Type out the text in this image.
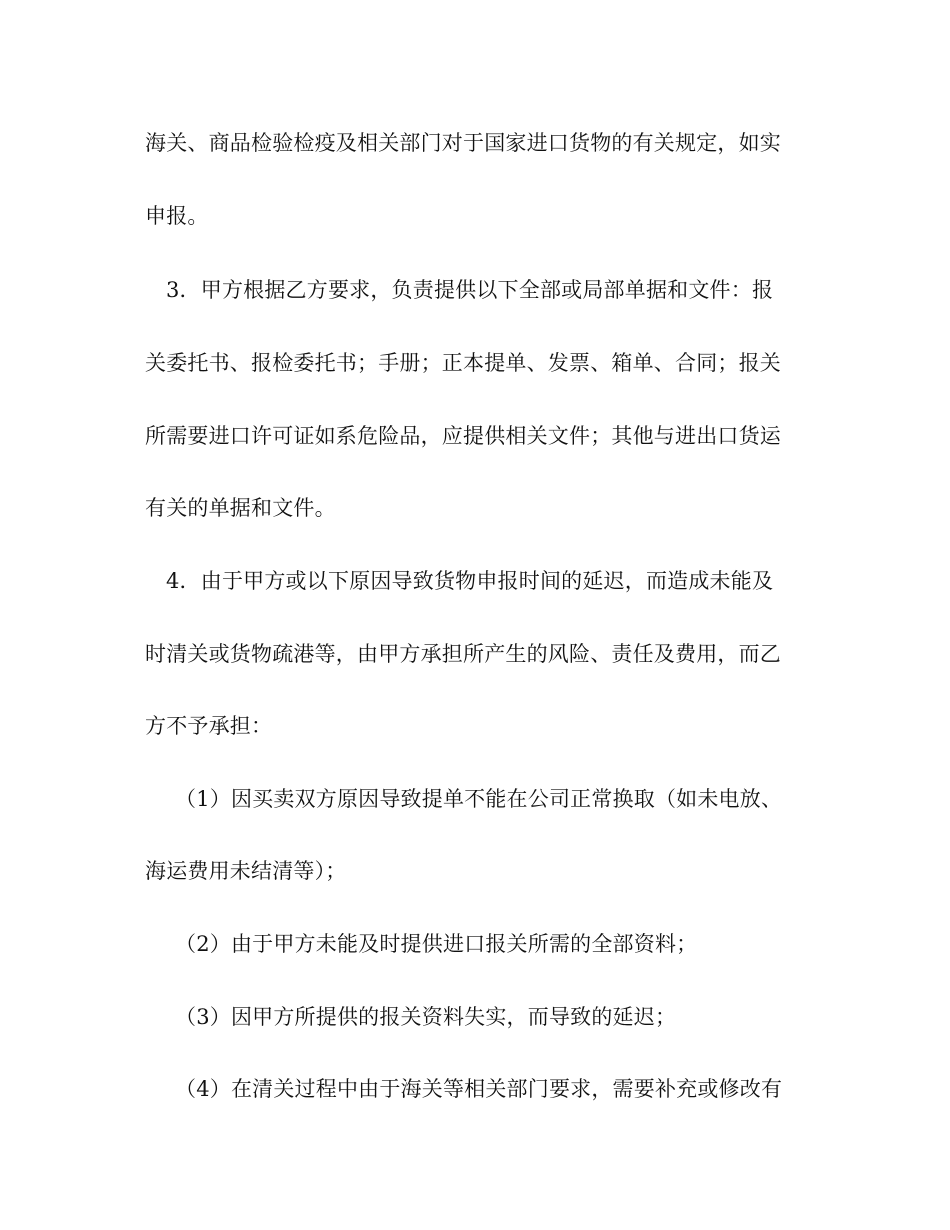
海关、商品检验检疫及相关部门对于国家进口货物的有关规定，如实
申报。
3．甲方根据乙方要求，负责提供以下全部或局部单据和文件：报
关委托书、报检委托书；手册；正本提单、发票、箱单、合同；报关
所需要进口许可证如系危险品，应提供相关文件；其他与进出口货运
有关的单据和文件。
4．由于甲方或以下原因导致货物申报时间的延迟，而造成未能及
时清关或货物疏港等，由甲方承担所产生的风险、责任及费用，而乙
方不予承担：
（1）因买卖双方原因导致提单不能在公司正常换取（如未电放、
海运费用未结清等）；
（2）由于甲方未能及时提供进口报关所需的全部资料；
（3）因甲方所提供的报关资料失实，而导致的延迟；
（4）在清关过程中由于海关等相关部门要求，需要补充或修改有
